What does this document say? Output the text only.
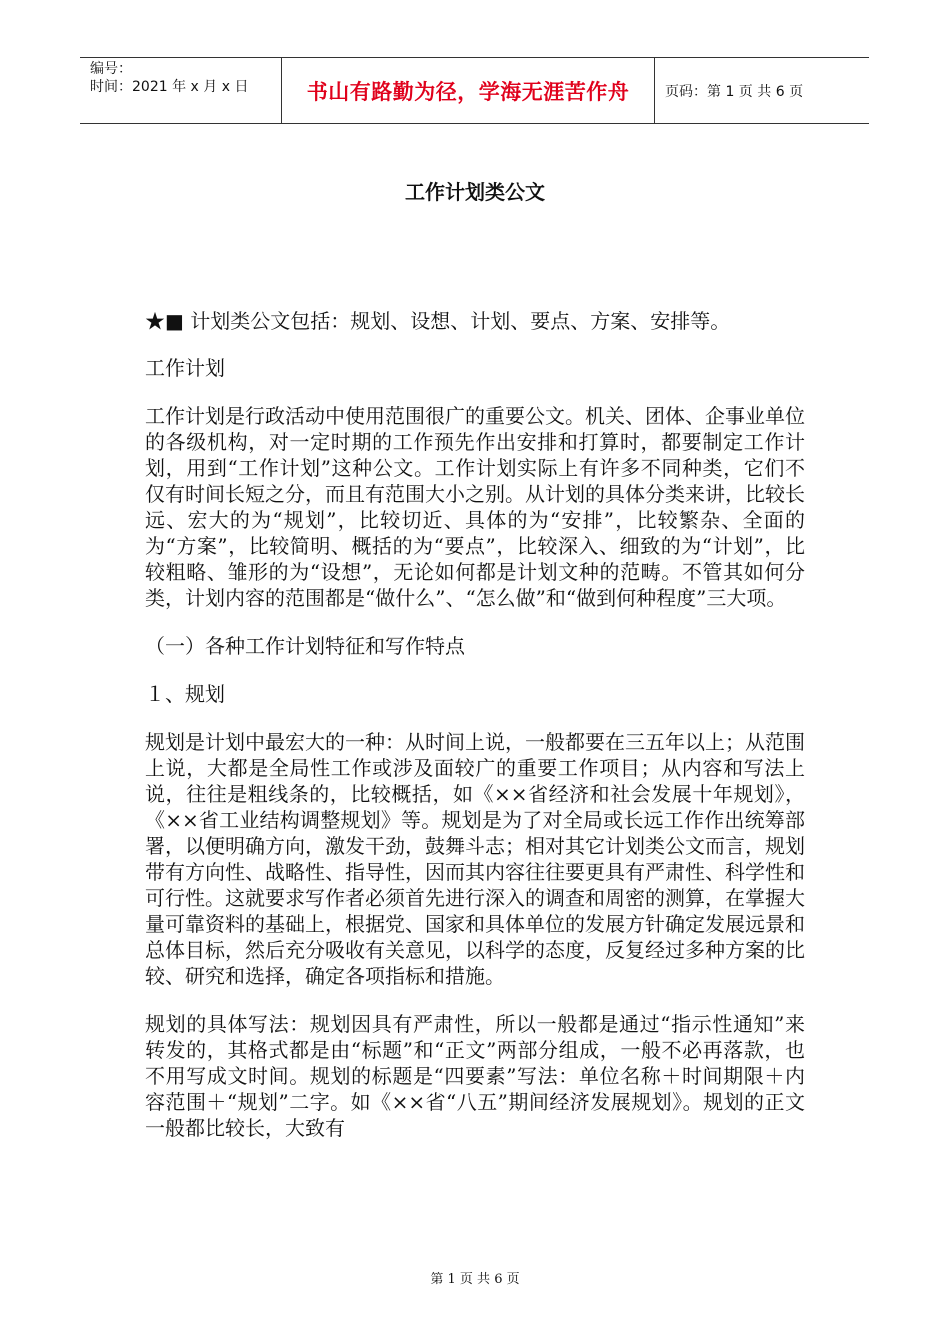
编号：
时间：2021 年 x 月 x 日	书山有路勤为径，学海无涯苦作舟	页码：第 1 页 共 6 页
工作计划类公文

★■ 计划类公文包括：规划、设想、计划、要点、方案、安排等。

工作计划

工作计划是行政活动中使用范围很广的重要公文。机关、团体、企事业单位的各级机构，对一定时期的工作预先作出安排和打算时，都要制定工作计划，用到“工作计划”这种公文。工作计划实际上有许多不同种类，它们不仅有时间长短之分，而且有范围大小之别。从计划的具体分类来讲，比较长远、宏大的为“规划”，比较切近、具体的为“安排”，比较繁杂、全面的为“方案”，比较简明、概括的为“要点”，比较深入、细致的为“计划”，比较粗略、雏形的为“设想”，无论如何都是计划文种的范畴。不管其如何分类，计划内容的范围都是“做什么”、“怎么做”和“做到何种程度”三大项。

（一）各种工作计划特征和写作特点

１、规划

规划是计划中最宏大的一种：从时间上说，一般都要在三五年以上；从范围上说，大都是全局性工作或涉及面较广的重要工作项目；从内容和写法上说，往往是粗线条的，比较概括，如《××省经济和社会发展十年规划》，《××省工业结构调整规划》等。规划是为了对全局或长远工作作出统筹部署，以便明确方向，激发干劲，鼓舞斗志；相对其它计划类公文而言，规划带有方向性、战略性、指导性，因而其内容往往要更具有严肃性、科学性和可行性。这就要求写作者必须首先进行深入的调查和周密的测算，在掌握大量可靠资料的基础上，根据党、国家和具体单位的发展方针确定发展远景和总体目标，然后充分吸收有关意见，以科学的态度，反复经过多种方案的比较、研究和选择，确定各项指标和措施。

规划的具体写法：规划因具有严肃性，所以一般都是通过“指示性通知”来转发的，其格式都是由“标题”和“正文”两部分组成，一般不必再落款，也不用写成文时间。规划的标题是“四要素”写法：单位名称＋时间期限＋内容范围＋“规划”二字。如《××省“八五”期间经济发展规划》。规划的正文一般都比较长，大致有

第 1 页 共 6 页
